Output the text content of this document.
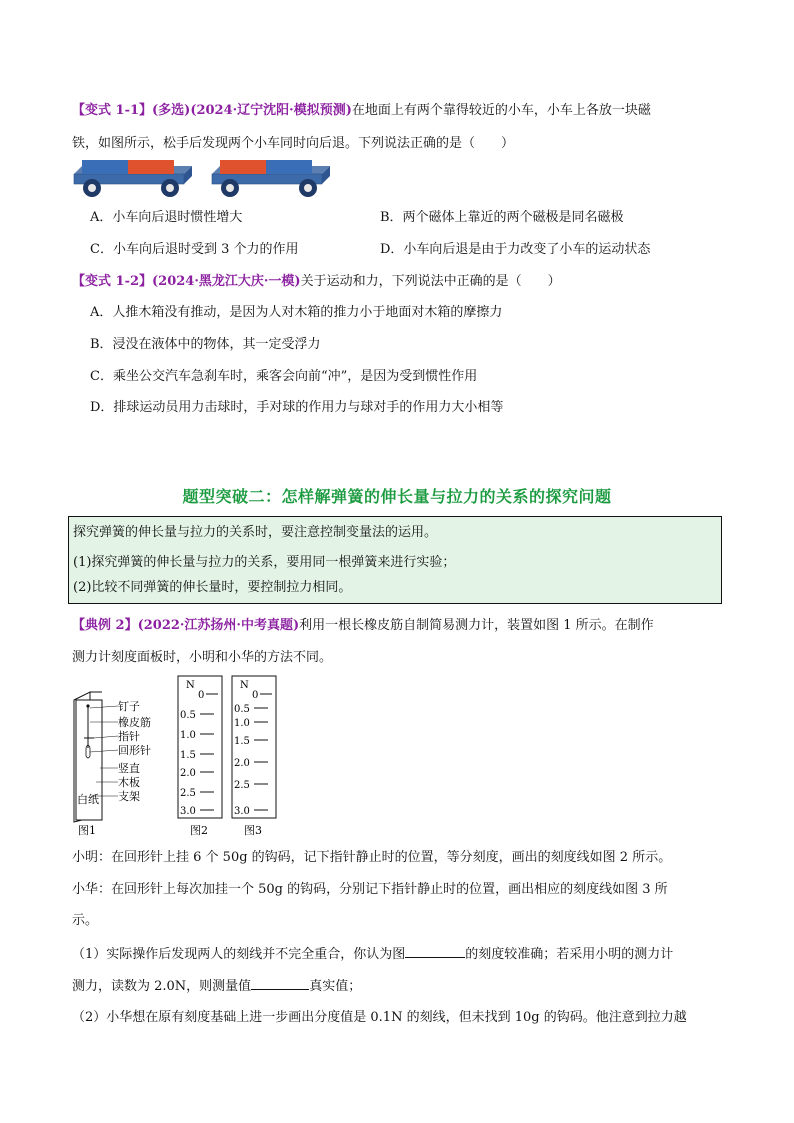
【变式 1-1】(多选)(2024·辽宁沈阳·模拟预测)在地面上有两个靠得较近的小车，小车上各放一块磁
铁，如图所示，松手后发现两个小车同时向后退。下列说法正确的是（　　）
A．小车向后退时惯性增大	B．两个磁体上靠近的两个磁极是同名磁极
C．小车向后退时受到 3 个力的作用	D．小车向后退是由于力改变了小车的运动状态
【变式 1-2】(2024·黑龙江大庆·一模)关于运动和力，下列说法中正确的是（　　）
A．人推木箱没有推动，是因为人对木箱的推力小于地面对木箱的摩擦力
B．浸没在液体中的物体，其一定受浮力
C．乘坐公交汽车急刹车时，乘客会向前“冲”，是因为受到惯性作用
D．排球运动员用力击球时，手对球的作用力与球对手的作用力大小相等
题型突破二：怎样解弹簧的伸长量与拉力的关系的探究问题
探究弹簧的伸长量与拉力的关系时，要注意控制变量法的运用。
(1)探究弹簧的伸长量与拉力的关系，要用同一根弹簧来进行实验；
(2)比较不同弹簧的伸长量时，要控制拉力相同。
【典例 2】(2022·江苏扬州·中考真题)利用一根长橡皮筋自制简易测力计，装置如图 1 所示。在制作
测力计刻度面板时，小明和小华的方法不同。
白纸
钉子
橡皮筋
指针
回形针
竖直
木板
支架
N
0
0.5
1.0
1.5
2.0
2.5
3.0
N
0
0.5
1.0
1.5
2.0
2.5
3.0
图1	图2	图3
小明：在回形针上挂 6 个 50g 的钩码，记下指针静止时的位置，等分刻度，画出的刻度线如图 2 所示。
小华：在回形针上每次加挂一个 50g 的钩码，分别记下指针静止时的位置，画出相应的刻度线如图 3 所
示。
（1）实际操作后发现两人的刻线并不完全重合，你认为图	的刻度较准确；若采用小明的测力计
测力，读数为 2.0N，则测量值	真实值；
（2）小华想在原有刻度基础上进一步画出分度值是 0.1N 的刻线，但未找到 10g 的钩码。他注意到拉力越
